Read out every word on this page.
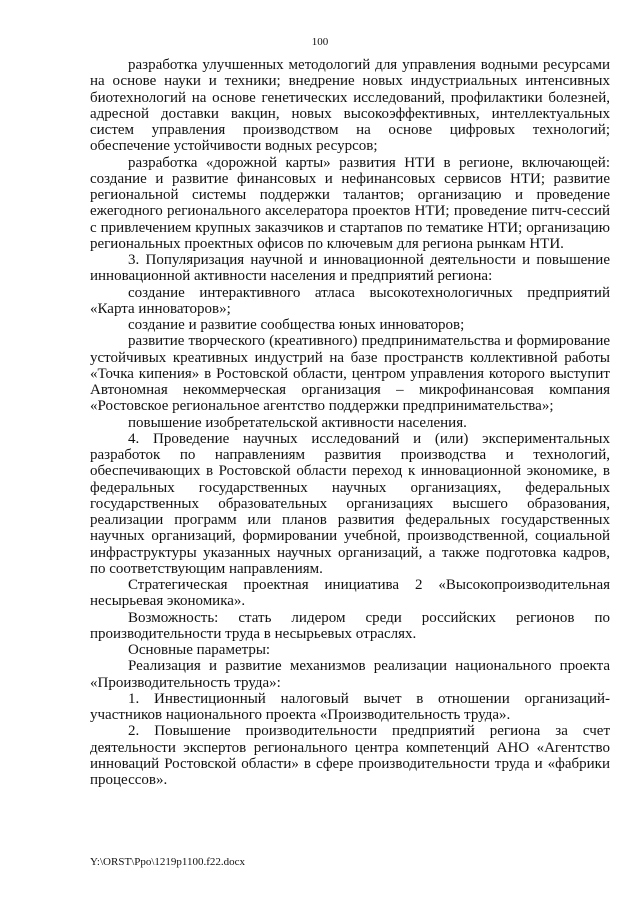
100

разработка улучшенных методологий для управления водными ресурсами на основе науки и техники; внедрение новых индустриальных интенсивных биотехнологий на основе генетических исследований, профилактики болезней, адресной доставки вакцин, новых высокоэффективных, интеллектуальных систем управления производством на основе цифровых технологий; обеспечение устойчивости водных ресурсов;

разработка «дорожной карты» развития НТИ в регионе, включающей: создание и развитие финансовых и нефинансовых сервисов НТИ; развитие региональной системы поддержки талантов; организацию и проведение ежегодного регионального акселератора проектов НТИ; проведение питч-сессий с привлечением крупных заказчиков и стартапов по тематике НТИ; организацию региональных проектных офисов по ключевым для региона рынкам НТИ.

3. Популяризация научной и инновационной деятельности и повышение инновационной активности населения и предприятий региона:

создание интерактивного атласа высокотехнологичных предприятий «Карта инноваторов»;

создание и развитие сообщества юных инноваторов;

развитие творческого (креативного) предпринимательства и формирование устойчивых креативных индустрий на базе пространств коллективной работы «Точка кипения» в Ростовской области, центром управления которого выступит Автономная некоммерческая организация – микрофинансовая компания «Ростовское региональное агентство поддержки предпринимательства»;

повышение изобретательской активности населения.

4. Проведение научных исследований и (или) экспериментальных разработок по направлениям развития производства и технологий, обеспечивающих в Ростовской области переход к инновационной экономике, в федеральных государственных научных организациях, федеральных государственных образовательных организациях высшего образования, реализации программ или планов развития федеральных государственных научных организаций, формировании учебной, производственной, социальной инфраструктуры указанных научных организаций, а также подготовка кадров, по соответствующим направлениям.

Стратегическая проектная инициатива 2 «Высокопроизводительная несырьевая экономика».

Возможность: стать лидером среди российских регионов по производительности труда в несырьевых отраслях.

Основные параметры:

Реализация и развитие механизмов реализации национального проекта «Производительность труда»:

1. Инвестиционный налоговый вычет в отношении организаций-участников национального проекта «Производительность труда».

2. Повышение производительности предприятий региона за счет деятельности экспертов регионального центра компетенций АНО «Агентство инноваций Ростовской области» в сфере производительности труда и «фабрики процессов».

Y:\ORST\Ppo\1219p1100.f22.docx
